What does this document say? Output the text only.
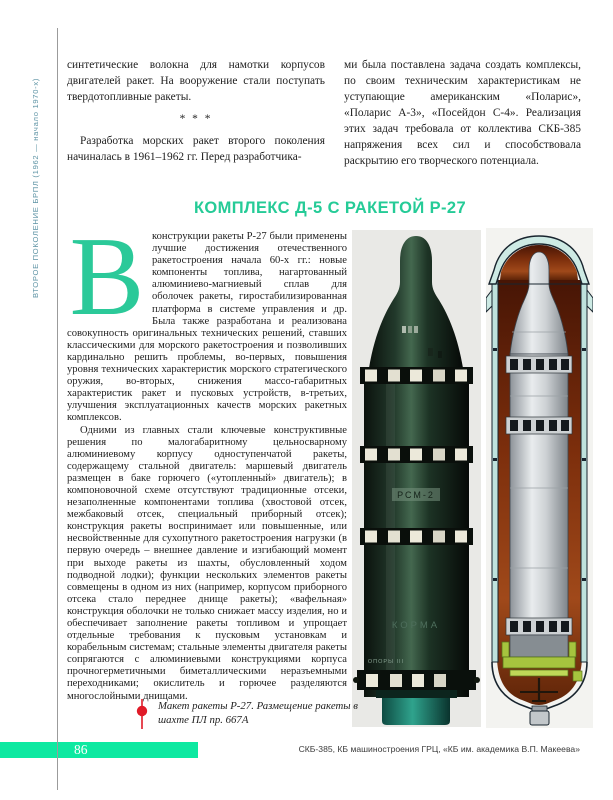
ВТОРОЕ ПОКОЛЕНИЕ БРПЛ (1962 — начало 1970-х)

синтетические волокна для намотки корпусов двигателей ракет. На вооружение стали поступать твердотопливные ракеты.

* * *

Разработка морских ракет второго поколения начиналась в 1961–1962 гг. Перед разработчика-

ми была поставлена задача создать комплексы, по своим техническим характеристикам не уступающие американским «Поларис», «Поларис А-3», «Посейдон С-4». Реализация этих задач требовала от коллектива СКБ-385 напряжения всех сил и способствовала раскрытию его творческого потенциала.

КОМПЛЕКС Д-5 С РАКЕТОЙ Р-27
В конструкции ракеты Р-27 были применены лучшие достижения отечественного ракетостроения начала 60-х гг.: новые компоненты топлива, нагартованный алюминиево-магниевый сплав для оболочек ракеты, гиростабилизированная платформа в системе управления и др. Была также разработана и реализована совокупность оригинальных технических решений, ставших классическими для морского ракетостроения и позволивших кардинально решить проблемы, во-первых, повышения уровня технических характеристик морского стратегического оружия, во-вторых, снижения массо-габаритных характеристик ракет и пусковых устройств, в-третьих, улучшения эксплуатационных качеств морских ракетных комплексов.

Одними из главных стали ключевые конструктивные решения по малогабаритному цельносварному алюминиевому корпусу одноступенчатой ракеты, содержащему стальной двигатель: маршевый двигатель размещен в баке горючего («утопленный» двигатель); в компоновочной схеме отсутствуют традиционные отсеки, незаполненные компонентами топлива (хвостовой отсек, межбаковый отсек, специальный приборный отсек); конструкция ракеты воспринимает или повышенные, или несвойственные для сухопутного ракетостроения нагрузки (в первую очередь – внешнее давление и изгибающий момент при выходе ракеты из шахты, обусловленный ходом подводной лодки); функции нескольких элементов ракеты совмещены в одном из них (например, корпусом приборного отсека стало переднее днище ракеты); «вафельная» конструкция оболочки не только снижает массу изделия, но и обеспечивает заполнение ракеты топливом и упрощает отдельные требования к пусковым установкам и корабельным системам; стальные элементы двигателя ракеты сопрягаются с алюминиевыми конструкциями корпуса прочногерметичными биметаллическими неразъемными переходниками; окислитель и горючее разделяются многослойными днищами.

РСМ-2
КОРМА
ОПОРЫ III
Макет ракеты Р-27. Размещение ракеты в шахте ПЛ пр. 667А
86	СКБ-385, КБ машиностроения ГРЦ, «КБ им. академика В.П. Макеева»
